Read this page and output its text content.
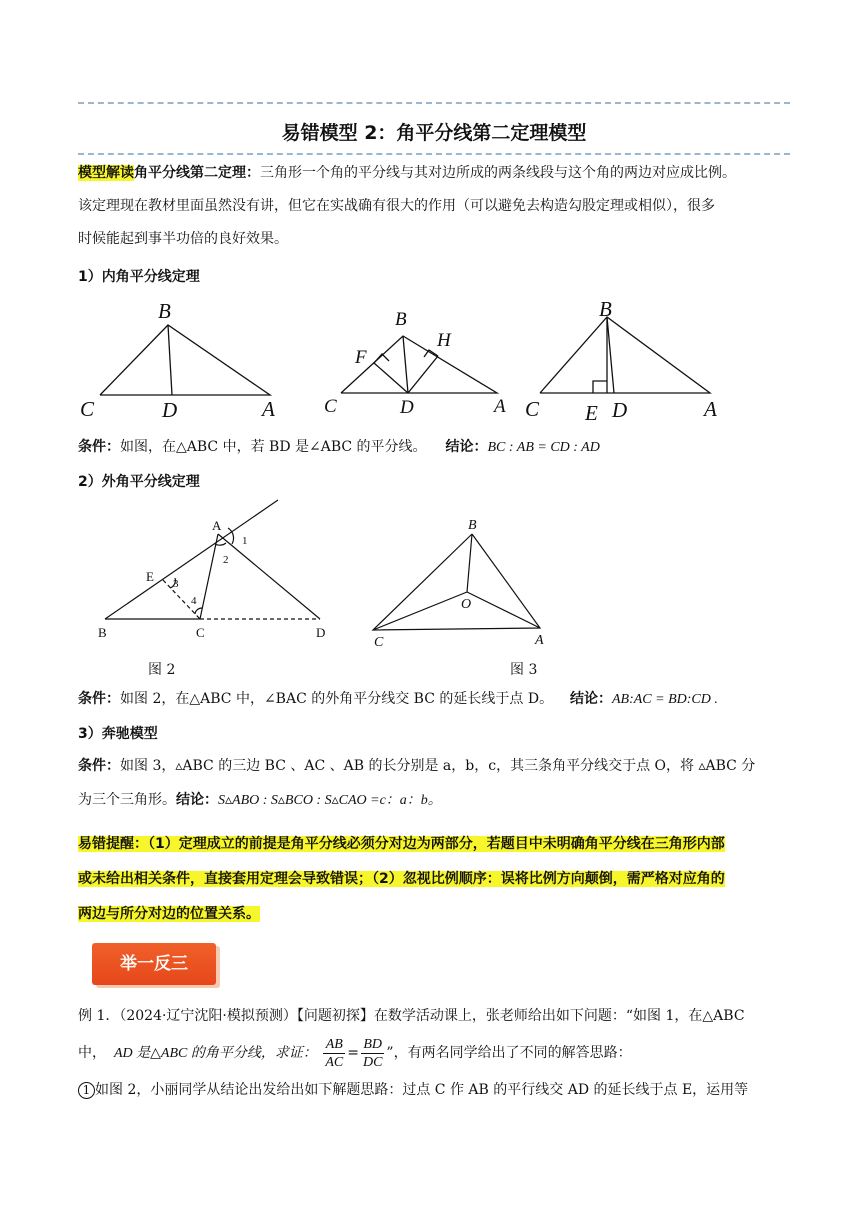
易错模型 2：角平分线第二定理模型
模型解读角平分线第二定理：三角形一个角的平分线与其对边所成的两条线段与这个角的两边对应成比例。
该定理现在教材里面虽然没有讲，但它在实战确有很大的作用（可以避免去构造勾股定理或相似），很多
时候能起到事半功倍的良好效果。
1）内角平分线定理
B
C	D	A
B
F
H
C	D	A
B
C E D	A
条件：如图，在△ABC 中，若 BD 是∠ABC 的平分线。 结论：BC : AB = CD : AD
2）外角平分线定理
A
1
2
E 3
4
B	C	D
图 2
B
O
C	A
图 3
条件：如图 2，在△ABC 中，∠BAC 的外角平分线交 BC 的延长线于点 D。 结论：AB:AC = BD:CD .
3）奔驰模型
条件：如图 3，▵ABC 的三边 BC 、AC 、AB 的长分别是 a，b，c，其三条角平分线交于点 O，将 ▵ABC 分
为三个三角形。结论：S▵ABO : S▵BCO : S▵CAO =c：a：b。
易错提醒：（1）定理成立的前提是角平分线必须分对边为两部分，若题目中未明确角平分线在三角形内部
或未给出相关条件，直接套用定理会导致错误；（2）忽视比例顺序：误将比例方向颠倒，需严格对应角的
两边与所分对边的位置关系。
举一反三
例 1．（2024·辽宁沈阳·模拟预测）【问题初探】在数学活动课上，张老师给出如下问题：“如图 1，在△ABC
中， AD 是△ABC 的角平分线，求证： $\frac{AB}{AC} = \frac{BD}{DC}$ ”，有两名同学给出了不同的解答思路：
1 如图 2，小丽同学从结论出发给出如下解题思路：过点 C 作 AB 的平行线交 AD 的延长线于点 E，运用等
